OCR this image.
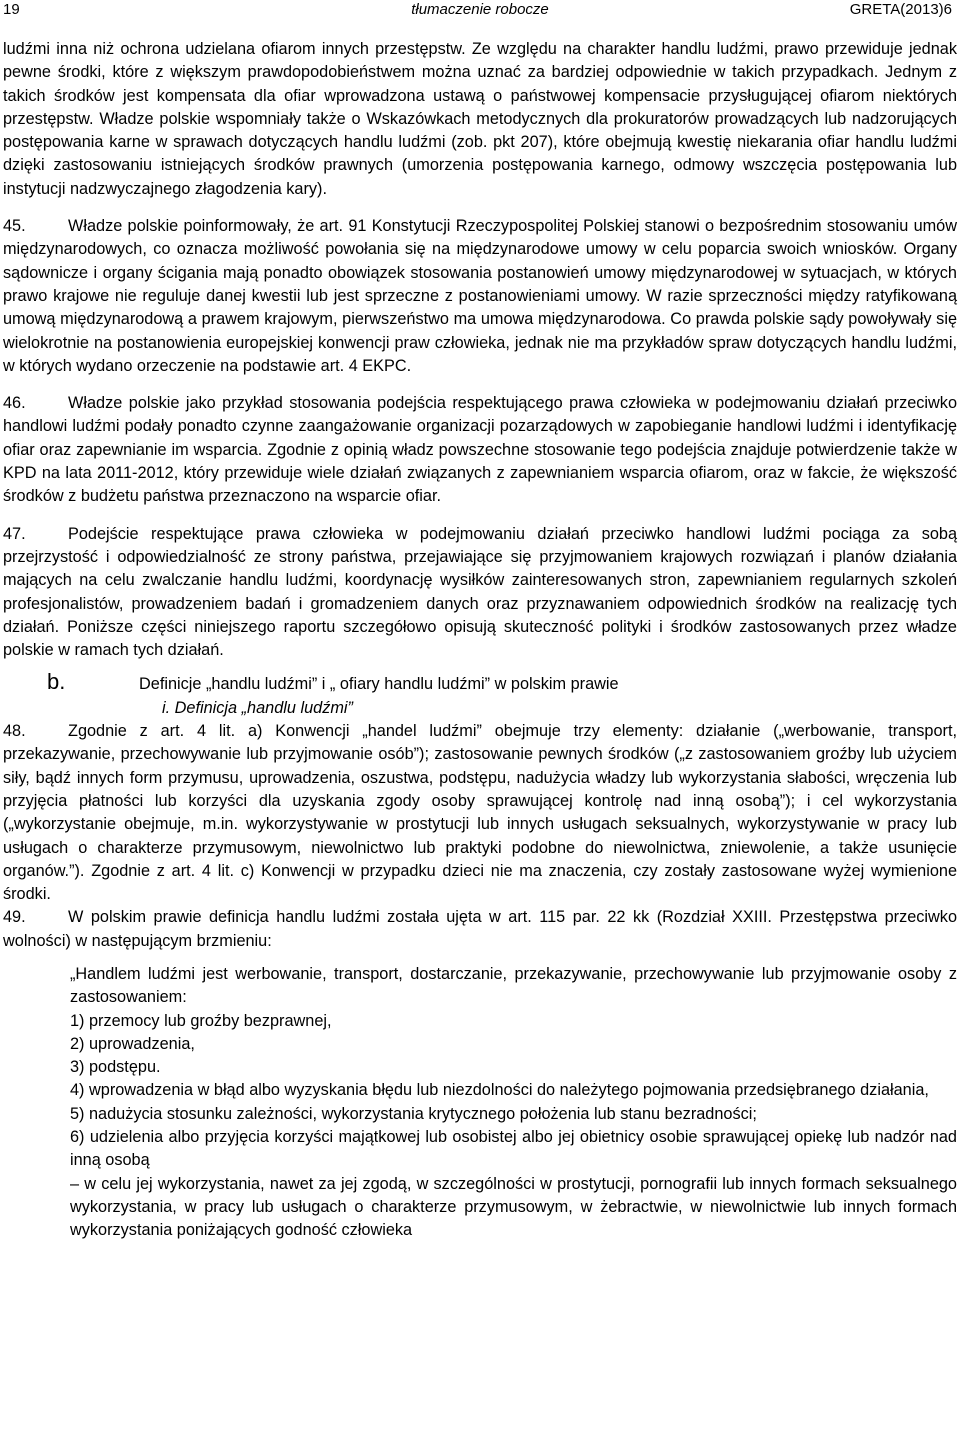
19	tłumaczenie robocze	GRETA(2013)6

ludźmi inna niż ochrona udzielana ofiarom innych przestępstw. Ze względu na charakter handlu ludźmi, prawo przewiduje jednak pewne środki, które z większym prawdopodobieństwem można uznać za bardziej odpowiednie w takich przypadkach. Jednym z takich środków jest kompensata dla ofiar wprowadzona ustawą o państwowej kompensacie przysługującej ofiarom niektórych przestępstw. Władze polskie wspomniały także o Wskazówkach metodycznych dla prokuratorów prowadzących lub nadzorujących postępowania karne w sprawach dotyczących handlu ludźmi (zob. pkt 207), które obejmują kwestię niekarania ofiar handlu ludźmi dzięki zastosowaniu istniejących środków prawnych (umorzenia postępowania karnego, odmowy wszczęcia postępowania lub instytucji nadzwyczajnego złagodzenia kary).

45.	Władze polskie poinformowały, że art. 91 Konstytucji Rzeczypospolitej Polskiej stanowi o bezpośrednim stosowaniu umów międzynarodowych, co oznacza możliwość powołania się na międzynarodowe umowy w celu poparcia swoich wniosków. Organy sądownicze i organy ścigania mają ponadto obowiązek stosowania postanowień umowy międzynarodowej w sytuacjach, w których prawo krajowe nie reguluje danej kwestii lub jest sprzeczne z postanowieniami umowy. W razie sprzeczności między ratyfikowaną umową międzynarodową a prawem krajowym, pierwszeństwo ma umowa międzynarodowa. Co prawda polskie sądy powoływały się wielokrotnie na postanowienia europejskiej konwencji praw człowieka, jednak nie ma przykładów spraw dotyczących handlu ludźmi, w których wydano orzeczenie na podstawie art. 4 EKPC.

46.	Władze polskie jako przykład stosowania podejścia respektującego prawa człowieka w podejmowaniu działań przeciwko handlowi ludźmi podały ponadto czynne zaangażowanie organizacji pozarządowych w zapobieganie handlowi ludźmi i identyfikację ofiar oraz zapewnianie im wsparcia. Zgodnie z opinią władz powszechne stosowanie tego podejścia znajduje potwierdzenie także w KPD na lata 2011-2012, który przewiduje wiele działań związanych z zapewnianiem wsparcia ofiarom, oraz w fakcie, że większość środków z budżetu państwa przeznaczono na wsparcie ofiar.

47.	Podejście respektujące prawa człowieka w podejmowaniu działań przeciwko handlowi ludźmi pociąga za sobą przejrzystość i odpowiedzialność ze strony państwa, przejawiające się przyjmowaniem krajowych rozwiązań i planów działania mających na celu zwalczanie handlu ludźmi, koordynację wysiłków zainteresowanych stron, zapewnianiem regularnych szkoleń profesjonalistów, prowadzeniem badań i gromadzeniem danych oraz przyznawaniem odpowiednich środków na realizację tych działań. Poniższe części niniejszego raportu szczegółowo opisują skuteczność polityki i środków zastosowanych przez władze polskie w ramach tych działań.

b.	Definicje „handlu ludźmi” i „ ofiary handlu ludźmi” w polskim prawie

i. Definicja „handlu ludźmi”

48.	Zgodnie z art. 4 lit. a) Konwencji „handel ludźmi” obejmuje trzy elementy: działanie („werbowanie, transport, przekazywanie, przechowywanie lub przyjmowanie osób”); zastosowanie pewnych środków („z zastosowaniem groźby lub użyciem siły, bądź innych form przymusu, uprowadzenia, oszustwa, podstępu, nadużycia władzy lub wykorzystania słabości, wręczenia lub przyjęcia płatności lub korzyści dla uzyskania zgody osoby sprawującej kontrolę nad inną osobą”); i cel wykorzystania („wykorzystanie obejmuje, m.in. wykorzystywanie w prostytucji lub innych usługach seksualnych, wykorzystywanie w pracy lub usługach o charakterze przymusowym, niewolnictwo lub praktyki podobne do niewolnictwa, zniewolenie, a także usunięcie organów.”). Zgodnie z art. 4 lit. c) Konwencji w przypadku dzieci nie ma znaczenia, czy zostały zastosowane wyżej wymienione środki.

49.	W polskim prawie definicja handlu ludźmi została ujęta w art. 115 par. 22 kk (Rozdział XXIII. Przestępstwa przeciwko wolności) w następującym brzmieniu:

„Handlem ludźmi jest werbowanie, transport, dostarczanie, przekazywanie, przechowywanie lub przyjmowanie osoby z zastosowaniem:

1) przemocy lub groźby bezprawnej,

2) uprowadzenia,

3) podstępu.

4) wprowadzenia w błąd albo wyzyskania błędu lub niezdolności do należytego pojmowania przedsiębranego działania,

5) nadużycia stosunku zależności, wykorzystania krytycznego położenia lub stanu bezradności;

6) udzielenia albo przyjęcia korzyści majątkowej lub osobistej albo jej obietnicy osobie sprawującej opiekę lub nadzór nad inną osobą

– w celu jej wykorzystania, nawet za jej zgodą, w szczególności w prostytucji, pornografii lub innych formach seksualnego wykorzystania, w pracy lub usługach o charakterze przymusowym, w żebractwie, w niewolnictwie lub innych formach wykorzystania poniżających godność człowieka
